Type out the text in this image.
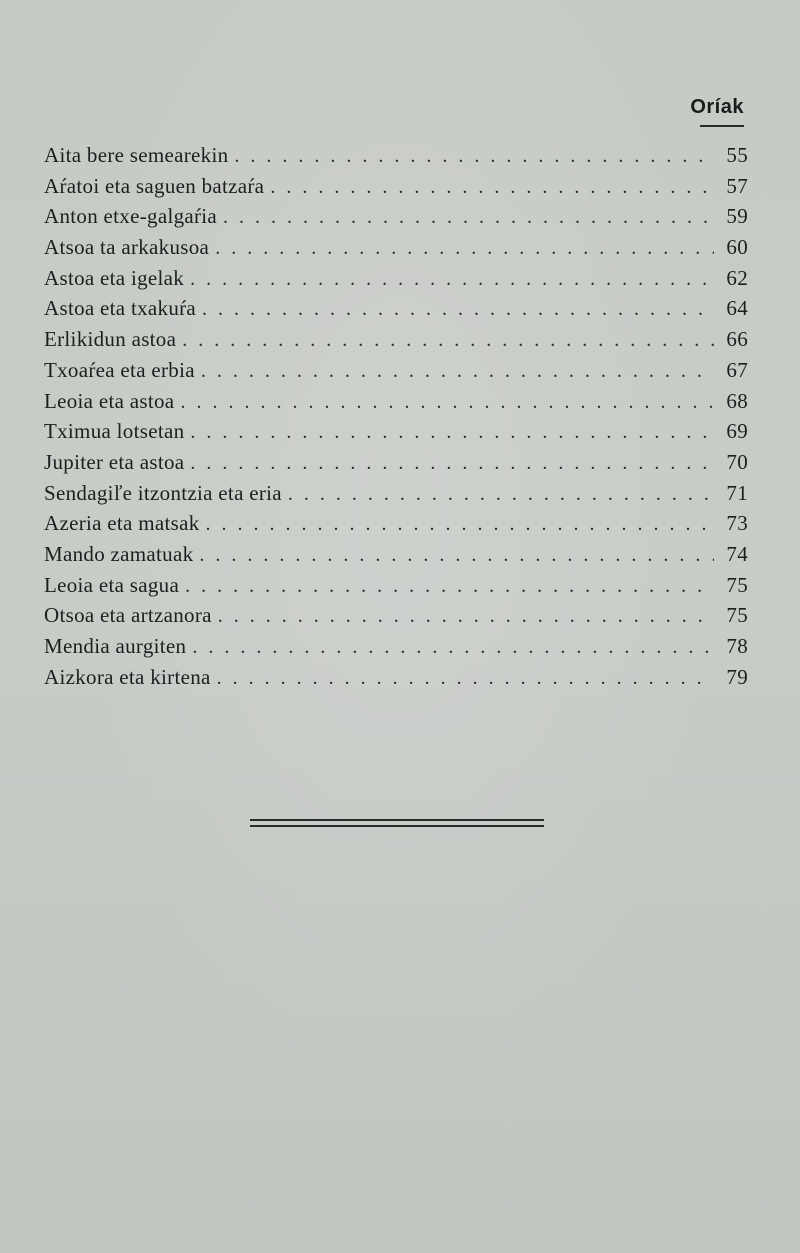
Oríak
Aita bere semearekin . . .	55
Aŕatoi eta saguen batzaŕa . . .	57
Anton etxe-galgaŕia . . .	59
Atsoa ta arkakusoa . . .	60
Astoa eta igelak . . .	62
Astoa eta txakuŕa . . .	64
Erlikidun astoa . . .	66
Txoaŕea eta erbia . . .	67
Leoia eta astoa . . .	68
Tximua lotsetan . . .	69
Jupiter eta astoa . . .	70
Sendagiľe itzontzia eta eria . . .	71
Azeria eta matsak . . .	73
Mando zamatuak . . .	74
Leoia eta sagua . . .	75
Otsoa eta artzanora . . .	75
Mendia aurgiten . . .	78
Aizkora eta kirtena . . .	79
